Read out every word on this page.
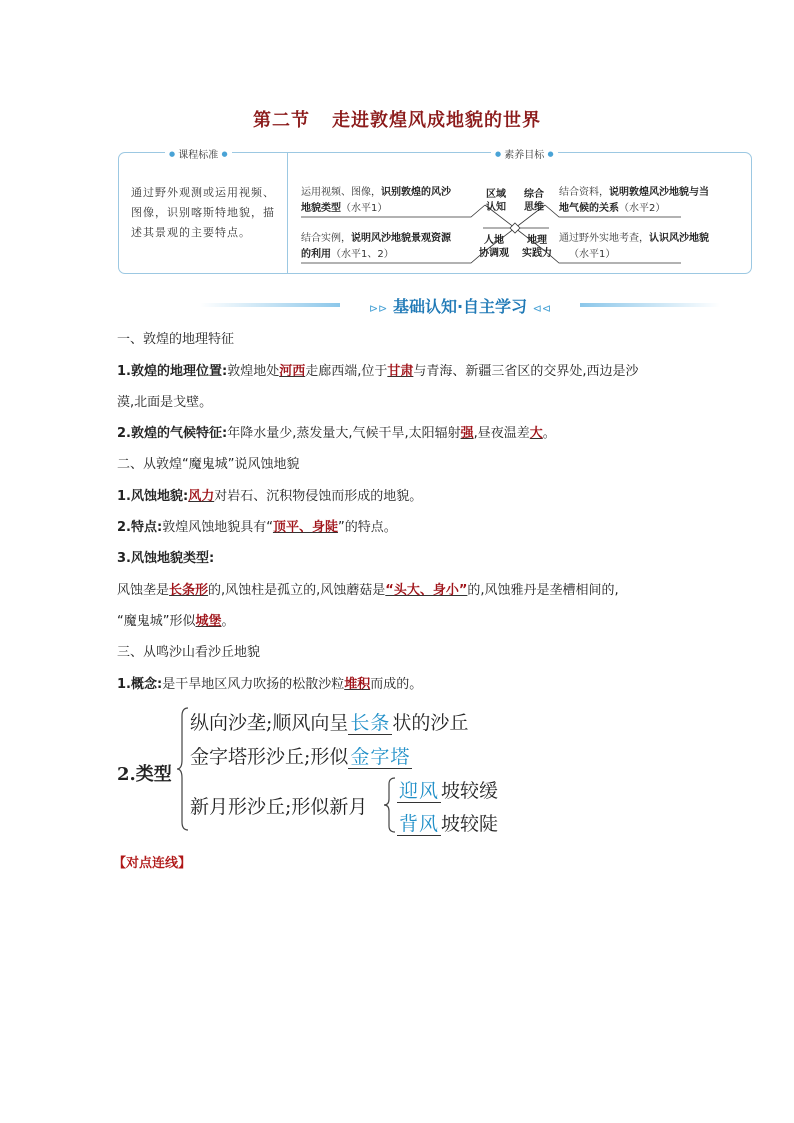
第二节 走进敦煌风成地貌的世界
● 课程标准 ●	● 素养目标 ●
通过野外观测或运用视频、图像，识别喀斯特地貌，描述其景观的主要特点。
运用视频、图像，识别敦煌的风沙
地貌类型（水平1）
结合资料，说明敦煌风沙地貌与当
地气候的关系（水平2）
结合实例，说明风沙地貌景观资源
的利用（水平1、2）
通过野外实地考查，认识风沙地貌
（水平1）
区域
认知
综合
思维
人地
协调观
地理
实践力
⊳⊳ 基础认知·自主学习 ⊲⊲
一、敦煌的地理特征
1.敦煌的地理位置:敦煌地处河西走廊西端,位于甘肃与青海、新疆三省区的交界处,西边是沙
漠,北面是戈壁。
2.敦煌的气候特征:年降水量少,蒸发量大,气候干旱,太阳辐射强,昼夜温差大。
二、从敦煌“魔鬼城”说风蚀地貌
1.风蚀地貌:风力对岩石、沉积物侵蚀而形成的地貌。
2.特点:敦煌风蚀地貌具有“顶平、身陡”的特点。
3.风蚀地貌类型:
风蚀垄是长条形的,风蚀柱是孤立的,风蚀蘑菇是“头大、身小”的,风蚀雅丹是垄槽相间的,
“魔鬼城”形似城堡。
三、从鸣沙山看沙丘地貌
1.概念:是干旱地区风力吹扬的松散沙粒堆积而成的。
2.类型
纵向沙垄;顺风向呈 长条 状的沙丘
金字塔形沙丘;形似 金字塔
新月形沙丘;形似新月
迎风 坡较缓
背风 坡较陡
【对点连线】
